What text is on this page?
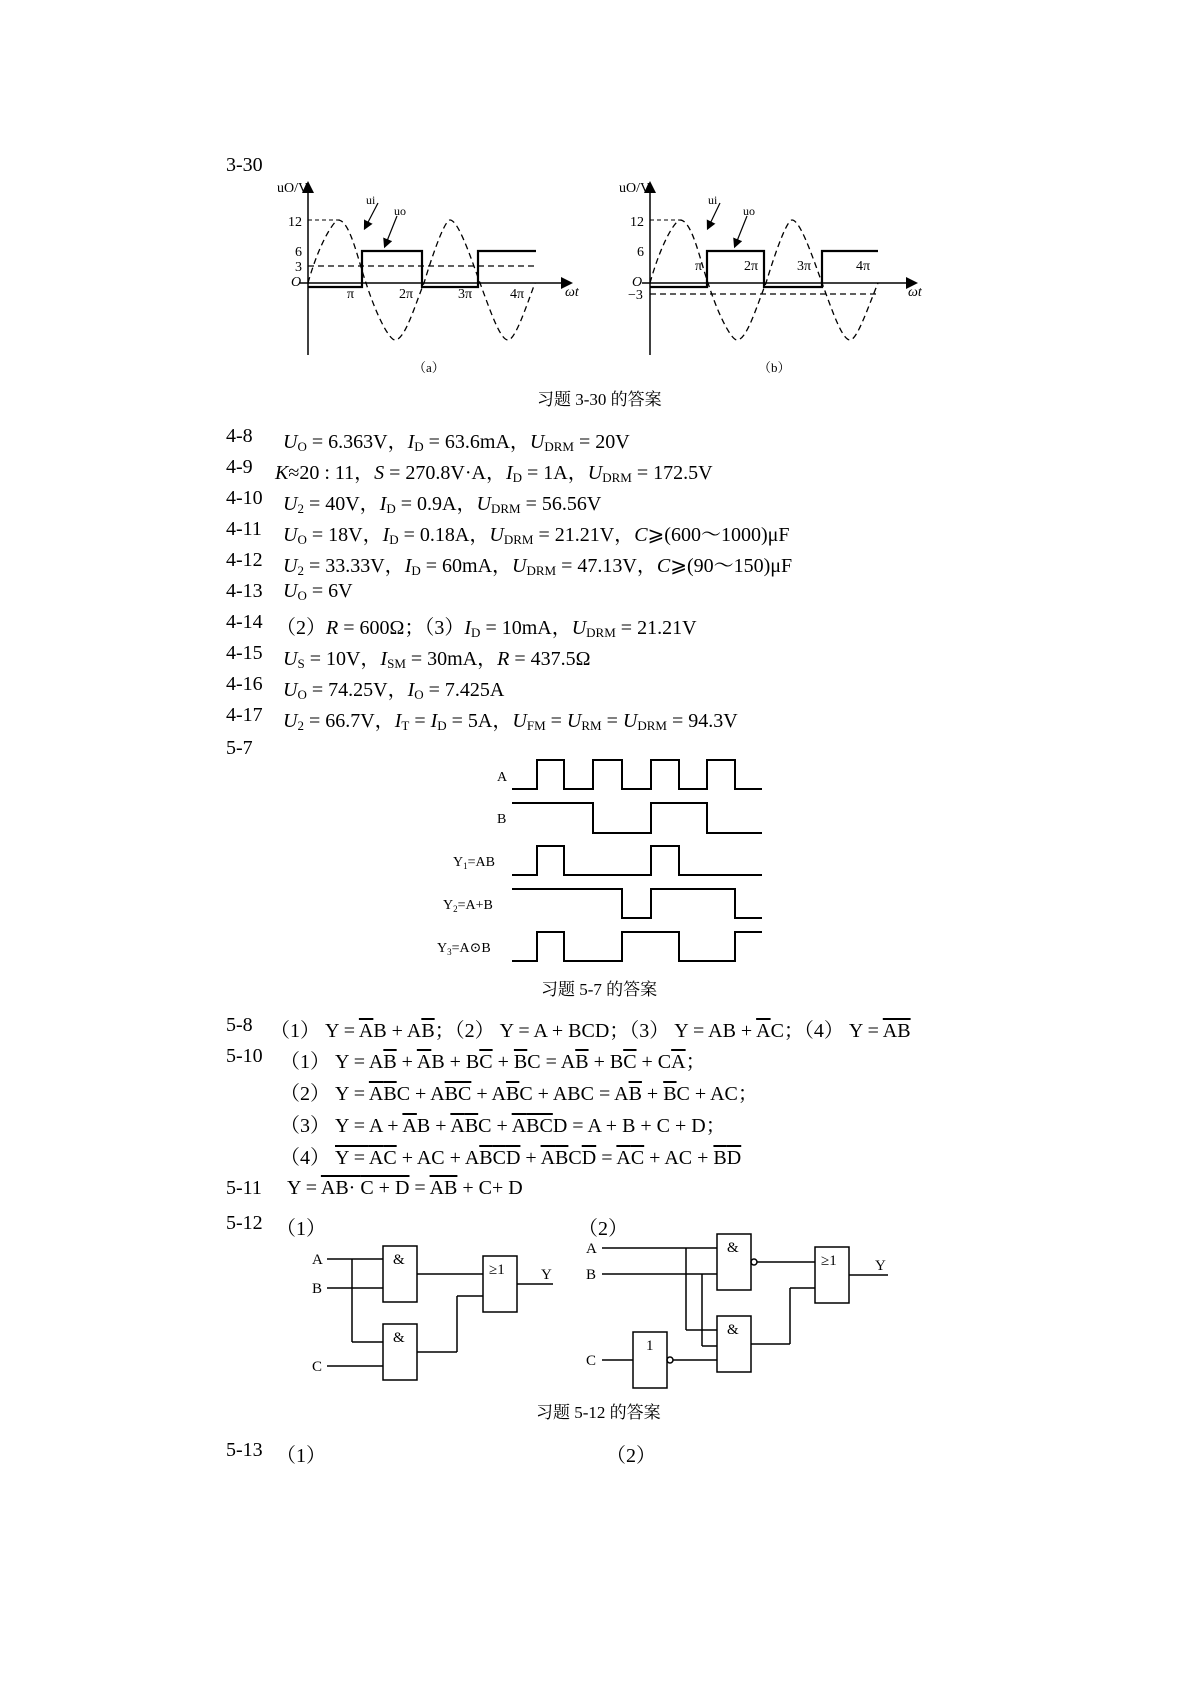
3-30
uO/V
ui
uo
12
6
3
O
π	2π	3π	4π	ωt
（a）
uO/V
ui
uo
12
6
O
−3
π	2π	3π	4π
ωt
（b）
习题 3-30 的答案
4-8 $U_O = 6.363V$，$I_D = 63.6mA$，$U_{DRM} = 20V$
4-9 K≈20 : 11，S = 270.8V·A，$I_D = 1A$，$U_{DRM} = 172.5V$
4-10 $U_2 = 40V$，$I_D = 0.9A$，$U_{DRM} = 56.56V$
4-11 $U_O = 18V$，$I_D = 0.18A$，$U_{DRM} = 21.21V$，C⩾(600～1000)μF
4-12 $U_2 = 33.33V$，$I_D = 60mA$，$U_{DRM} = 47.13V$，C⩾(90～150)μF
4-13 $U_O = 6V$
4-14 （2）R = 600Ω；$(3)I_D = 10mA$，$U_{DRM} = 21.21V$
4-15 $U_S = 10V$，$I_{SM} = 30mA$，R = 437.5Ω
4-16 $U_O = 74.25V$，$I_O = 7.425A$
4-17 $U_2 = 66.7V$，$I_T = I_D = 5A$，$U_{FM} = U_{RM} = U_{DRM} = 94.3V$
5-7
A
B
$Y_1=AB$
$Y_2=A+B$
$Y_3=A⊙B$
习题 5-7 的答案
5-8 （1） $Y = \overline{A}B + A\overline{B}$；（2） Y = A + BCD；（3） Y = AB + $\overline{A}C$；（4） $Y = \overline{AB}$
5-10 （1） $Y = A\overline{B} + \overline{A}B + B\overline{C} + \overline{B}C = A\overline{B} + B\overline{C} + C\overline{A}$；
（2） $Y = \overline{A}\overline{B}C + A\overline{B}\overline{C} + A\overline{B}C$ + ABC = $A\overline{B} + \overline{B}C$ + AC；
（3） $Y = A + \overline{A}B + \overline{A}\overline{B}C + \overline{A}\overline{B}\overline{C}D = A + B + C + D$；
（4） $Y = \overline{A}\overline{C}$ + AC + $A\overline{B}\overline{C}\overline{D} + \overline{A}\overline{B}C\overline{D} = \overline{A}\overline{C}$ + AC + $\overline{B}\overline{D}$
5-11 $Y = AB\cdot C + D = \overline{AB} + C+ D$
5-12 （1）	（2）
A
B
C
&
&
≥1 Y
A
B
C
&
&
1
≥1	Y
习题 5-12 的答案
5-13 （1）	（2）
